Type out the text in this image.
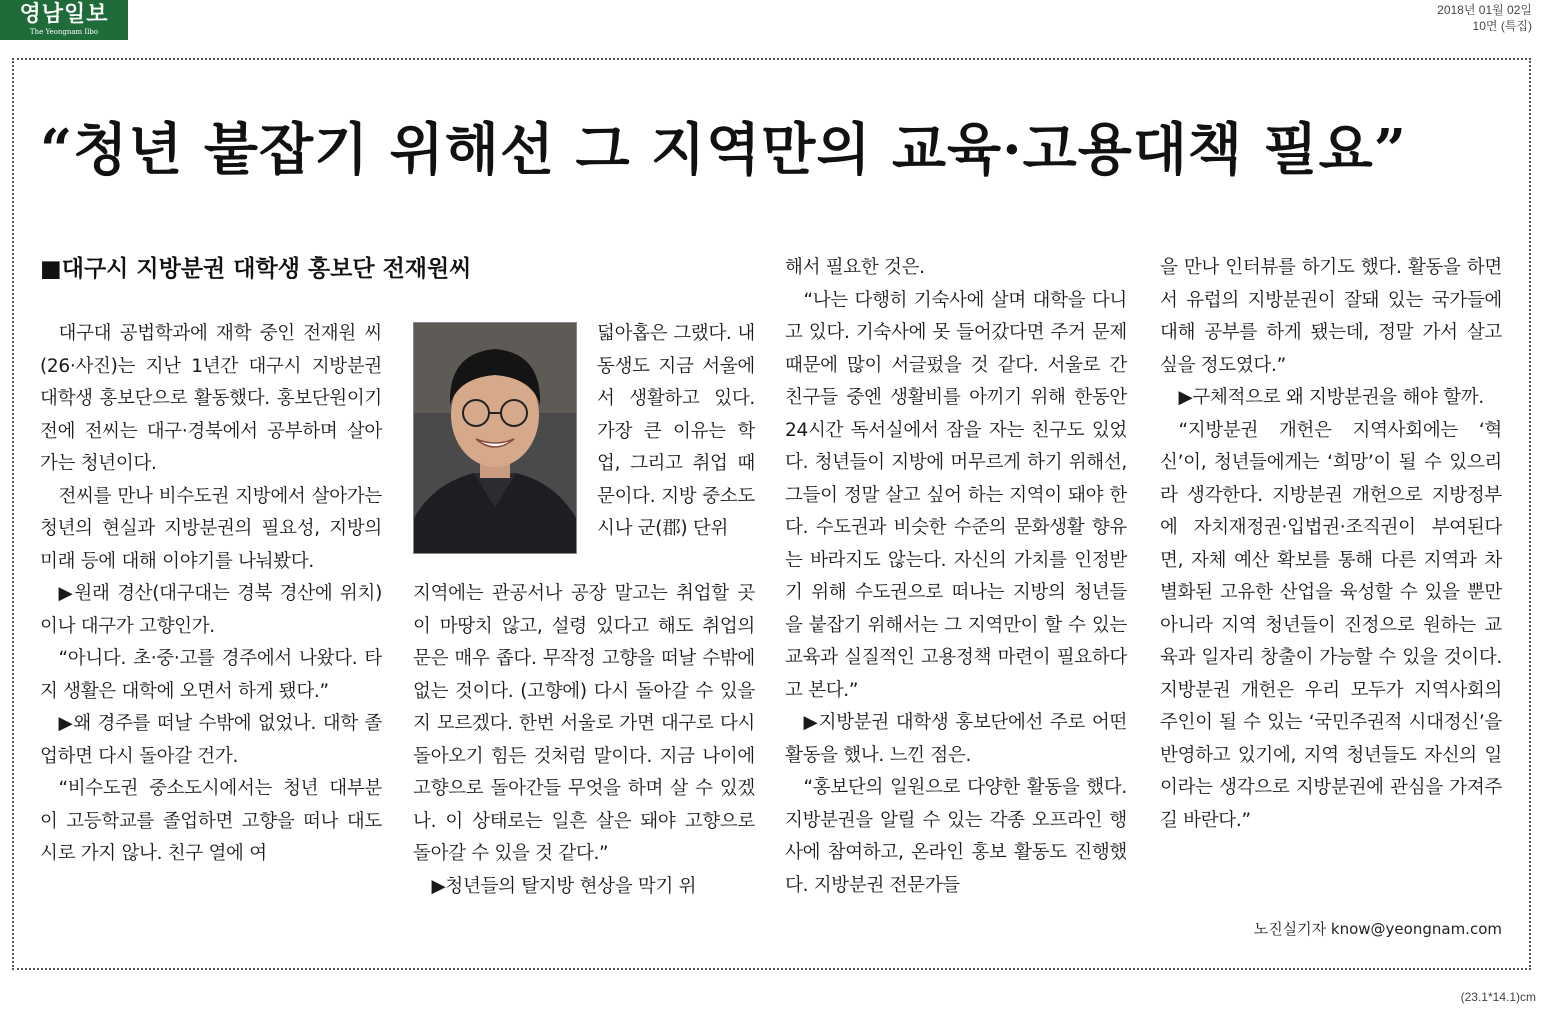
영남일보
The Yeongnam Ilbo
2018년 01월 02일
10면 (특집)
“청년 붙잡기 위해선 그 지역만의 교육·고용대책 필요”
■대구시 지방분권 대학생 홍보단 전재원씨

대구대 공법학과에 재학 중인 전재원 씨(26·사진)는 지난 1년간 대구시 지방분권 대학생 홍보단으로 활동했다. 홍보단원이기 전에 전씨는 대구·경북에서 공부하며 살아가는 청년이다.

전씨를 만나 비수도권 지방에서 살아가는 청년의 현실과 지방분권의 필요성, 지방의 미래 등에 대해 이야기를 나눠봤다.

▶원래 경산(대구대는 경북 경산에 위치)이나 대구가 고향인가.

“아니다. 초·중·고를 경주에서 나왔다. 타지 생활은 대학에 오면서 하게 됐다.”

▶왜 경주를 떠날 수밖에 없었나. 대학 졸업하면 다시 돌아갈 건가.

“비수도권 중소도시에서는 청년 대부분이 고등학교를 졸업하면 고향을 떠나 대도시로 가지 않나. 친구 열에 여

덟아홉은 그랬다. 내 동생도 지금 서울에서 생활하고 있다. 가장 큰 이유는 학업, 그리고 취업 때문이다. 지방 중소도시나 군(郡) 단위

지역에는 관공서나 공장 말고는 취업할 곳이 마땅치 않고, 설령 있다고 해도 취업의 문은 매우 좁다. 무작정 고향을 떠날 수밖에 없는 것이다. (고향에) 다시 돌아갈 수 있을지 모르겠다. 한번 서울로 가면 대구로 다시 돌아오기 힘든 것처럼 말이다. 지금 나이에 고향으로 돌아간들 무엇을 하며 살 수 있겠나. 이 상태로는 일흔 살은 돼야 고향으로 돌아갈 수 있을 것 같다.”

▶청년들의 탈지방 현상을 막기 위

해서 필요한 것은.

“나는 다행히 기숙사에 살며 대학을 다니고 있다. 기숙사에 못 들어갔다면 주거 문제 때문에 많이 서글펐을 것 같다. 서울로 간 친구들 중엔 생활비를 아끼기 위해 한동안 24시간 독서실에서 잠을 자는 친구도 있었다. 청년들이 지방에 머무르게 하기 위해선, 그들이 정말 살고 싶어 하는 지역이 돼야 한다. 수도권과 비슷한 수준의 문화생활 향유는 바라지도 않는다. 자신의 가치를 인정받기 위해 수도권으로 떠나는 지방의 청년들을 붙잡기 위해서는 그 지역만이 할 수 있는 교육과 실질적인 고용정책 마련이 필요하다고 본다.”

▶지방분권 대학생 홍보단에선 주로 어떤 활동을 했나. 느낀 점은.

“홍보단의 일원으로 다양한 활동을 했다. 지방분권을 알릴 수 있는 각종 오프라인 행사에 참여하고, 온라인 홍보 활동도 진행했다. 지방분권 전문가들

을 만나 인터뷰를 하기도 했다. 활동을 하면서 유럽의 지방분권이 잘돼 있는 국가들에 대해 공부를 하게 됐는데, 정말 가서 살고 싶을 정도였다.”

▶구체적으로 왜 지방분권을 해야 할까.

“지방분권 개헌은 지역사회에는 ‘혁신’이, 청년들에게는 ‘희망’이 될 수 있으리라 생각한다. 지방분권 개헌으로 지방정부에 자치재정권·입법권·조직권이 부여된다면, 자체 예산 확보를 통해 다른 지역과 차별화된 고유한 산업을 육성할 수 있을 뿐만 아니라 지역 청년들이 진정으로 원하는 교육과 일자리 창출이 가능할 수 있을 것이다. 지방분권 개헌은 우리 모두가 지역사회의 주인이 될 수 있는 ‘국민주권적 시대정신’을 반영하고 있기에, 지역 청년들도 자신의 일이라는 생각으로 지방분권에 관심을 가져주길 바란다.”

노진실기자 know@yeongnam.com
(23.1*14.1)cm
